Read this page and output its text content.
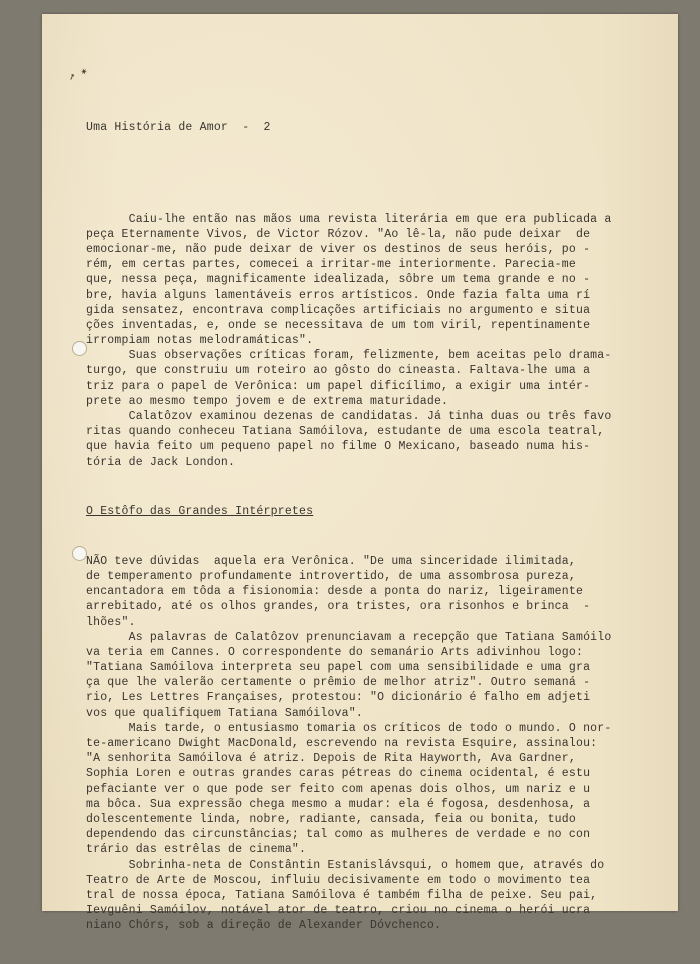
↗ ✶

Uma História de Amor  -  2

Caiu-lhe então nas mãos uma revista literária em que era publicada a
peça Eternamente Vivos, de Victor Rózov. "Ao lê-la, não pude deixar  de
emocionar-me, não pude deixar de viver os destinos de seus heróis, po -
rém, em certas partes, comecei a irritar-me interiormente. Parecia-me
que, nessa peça, magnificamente idealizada, sôbre um tema grande e no -
bre, havia alguns lamentáveis erros artísticos. Onde fazia falta uma rí
gida sensatez, encontrava complicações artificiais no argumento e situa
ções inventadas, e, onde se necessitava de um tom viril, repentinamente
irrompiam notas melodramáticas".
Suas observações críticas foram, felizmente, bem aceitas pelo drama-
turgo, que construiu um roteiro ao gôsto do cineasta. Faltava-lhe uma a
triz para o papel de Verônica: um papel dificílimo, a exigir uma intér-
prete ao mesmo tempo jovem e de extrema maturidade.
Calatôzov examinou dezenas de candidatas. Já tinha duas ou três favo
ritas quando conheceu Tatiana Samóilova, estudante de uma escola teatral,
que havia feito um pequeno papel no filme O Mexicano, baseado numa his-
tória de Jack London.

O Estôfo das Grandes Intérpretes

NÃO teve dúvidas  aquela era Verônica. "De uma sinceridade ilimitada,
de temperamento profundamente introvertido, de uma assombrosa pureza,
encantadora em tôda a fisionomia: desde a ponta do nariz, ligeiramente
arrebitado, até os olhos grandes, ora tristes, ora risonhos e brinca  -
lhões".
As palavras de Calatôzov prenunciavam a recepção que Tatiana Samóilo
va teria em Cannes. O correspondente do semanário Arts adivinhou logo:
"Tatiana Samóilova interpreta seu papel com uma sensibilidade e uma gra
ça que lhe valerão certamente o prêmio de melhor atriz". Outro semaná -
rio, Les Lettres Françaises, protestou: "O dicionário é falho em adjeti
vos que qualifiquem Tatiana Samóilova".
Mais tarde, o entusiasmo tomaria os críticos de todo o mundo. O nor-
te-americano Dwight MacDonald, escrevendo na revista Esquire, assinalou:
"A senhorita Samóilova é atriz. Depois de Rita Hayworth, Ava Gardner,
Sophia Loren e outras grandes caras pétreas do cinema ocidental, é estu
pefaciante ver o que pode ser feito com apenas dois olhos, um nariz e u
ma bôca. Sua expressão chega mesmo a mudar: ela é fogosa, desdenhosa, a
dolescentemente linda, nobre, radiante, cansada, feia ou bonita, tudo
dependendo das circunstâncias; tal como as mulheres de verdade e no con
trário das estrêlas de cinema".
Sobrinha-neta de Constântin Estanislávsqui, o homem que, através do
Teatro de Arte de Moscou, influiu decisivamente em todo o movimento tea
tral de nossa época, Tatiana Samóilova é também filha de peixe. Seu pai,
Ievguêni Samóilov, notável ator de teatro, criou no cinema o herói ucra
niano Chórs, sob a direção de Alexander Dóvchenco.
